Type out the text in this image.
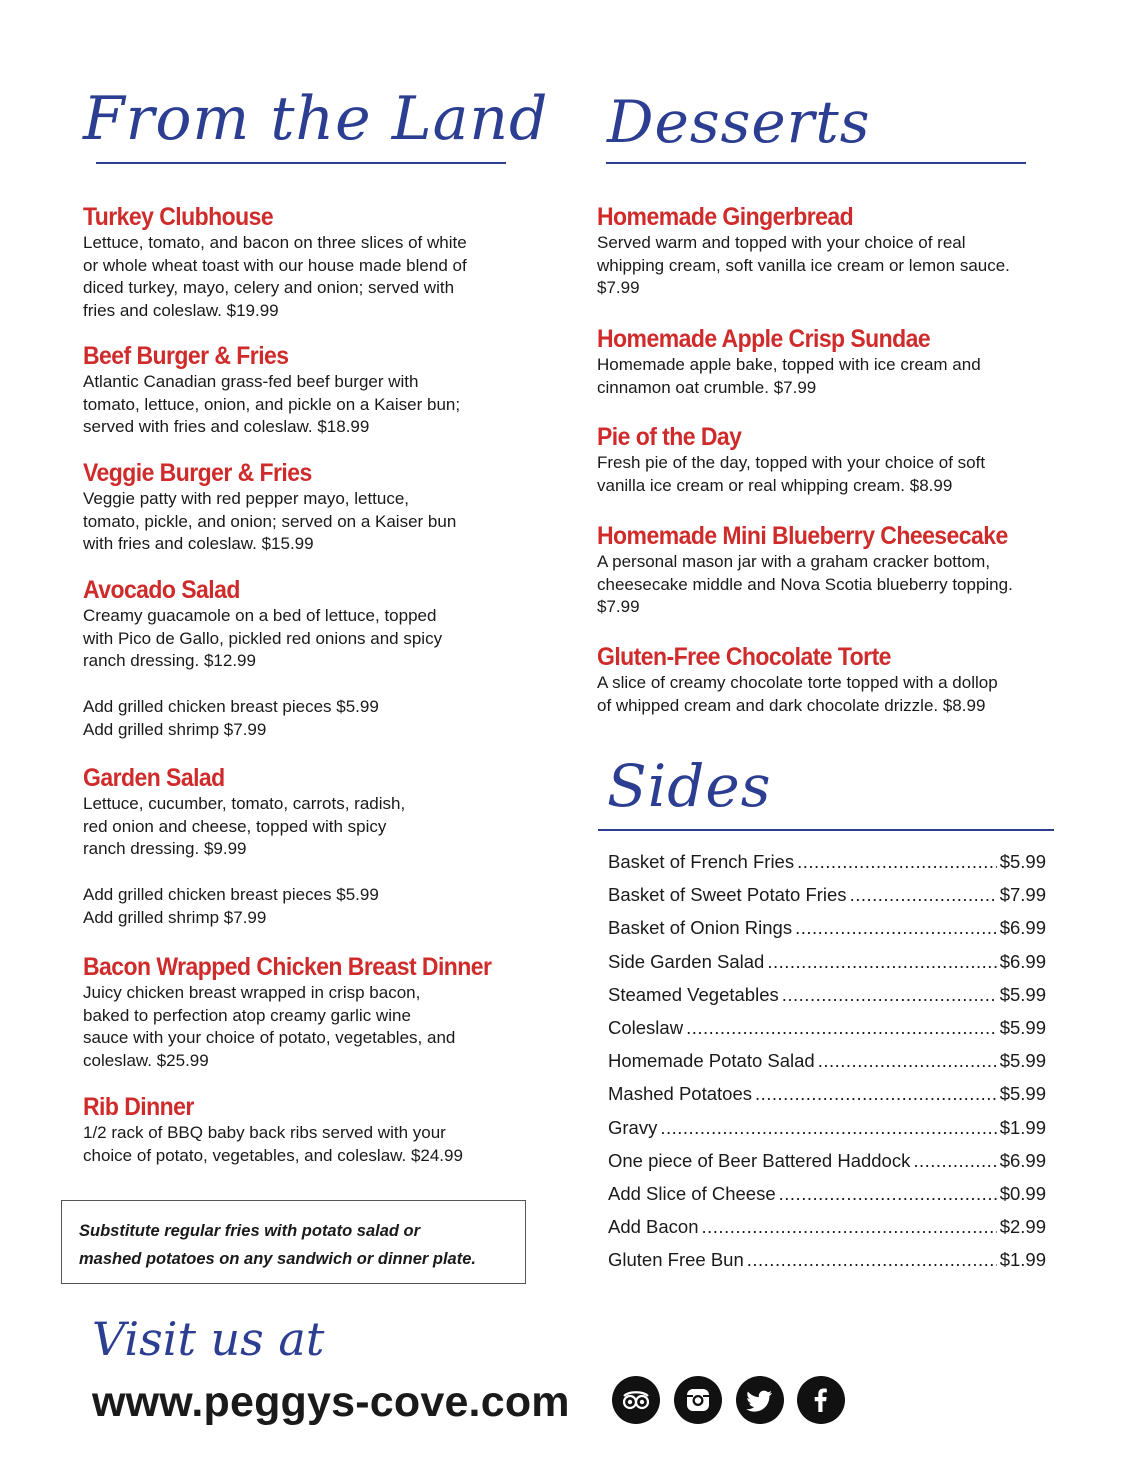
From the Land Desserts
Sides
Turkey Clubhouse

Lettuce, tomato, and bacon on three slices of white
or whole wheat toast with our house made blend of
diced turkey, mayo, celery and onion; served with
fries and coleslaw. $19.99

Beef Burger & Fries

Atlantic Canadian grass-fed beef burger with
tomato, lettuce, onion, and pickle on a Kaiser bun;
served with fries and coleslaw. $18.99

Veggie Burger & Fries

Veggie patty with red pepper mayo, lettuce,
tomato, pickle, and onion; served on a Kaiser bun
with fries and coleslaw. $15.99

Avocado Salad

Creamy guacamole on a bed of lettuce, topped
with Pico de Gallo, pickled red onions and spicy
ranch dressing. $12.99

Add grilled chicken breast pieces $5.99
Add grilled shrimp $7.99

Garden Salad

Lettuce, cucumber, tomato, carrots, radish,
red onion and cheese, topped with spicy
ranch dressing. $9.99

Add grilled chicken breast pieces $5.99
Add grilled shrimp $7.99

Bacon Wrapped Chicken Breast Dinner

Juicy chicken breast wrapped in crisp bacon,
baked to perfection atop creamy garlic wine
sauce with your choice of potato, vegetables, and
coleslaw. $25.99

Rib Dinner

1/2 rack of BBQ baby back ribs served with your
choice of potato, vegetables, and coleslaw. $24.99

Substitute regular fries with potato salad or
mashed potatoes on any sandwich or dinner plate.
Homemade Gingerbread

Served warm and topped with your choice of real
whipping cream, soft vanilla ice cream or lemon sauce.
$7.99

Homemade Apple Crisp Sundae

Homemade apple bake, topped with ice cream and
cinnamon oat crumble. $7.99

Pie of the Day

Fresh pie of the day, topped with your choice of soft
vanilla ice cream or real whipping cream. $8.99

Homemade Mini Blueberry Cheesecake

A personal mason jar with a graham cracker bottom,
cheesecake middle and Nova Scotia blueberry topping.
$7.99

Gluten-Free Chocolate Torte

A slice of creamy chocolate torte topped with a dollop
of whipped cream and dark chocolate drizzle. $8.99

Basket of French Fries .....	$5.99
Basket of Sweet Potato Fries .....	$7.99
Basket of Onion Rings .....	$6.99
Side Garden Salad .....	$6.99
Steamed Vegetables .....	$5.99
Coleslaw .....	$5.99
Homemade Potato Salad .....	$5.99
Mashed Potatoes .....	$5.99
Gravy .....	$1.99
One piece of Beer Battered Haddock .....	$6.99
Add Slice of Cheese .....	$0.99
Add Bacon .....	$2.99
Gluten Free Bun .....	$1.99

Visit us at

www.peggys-cove.com
